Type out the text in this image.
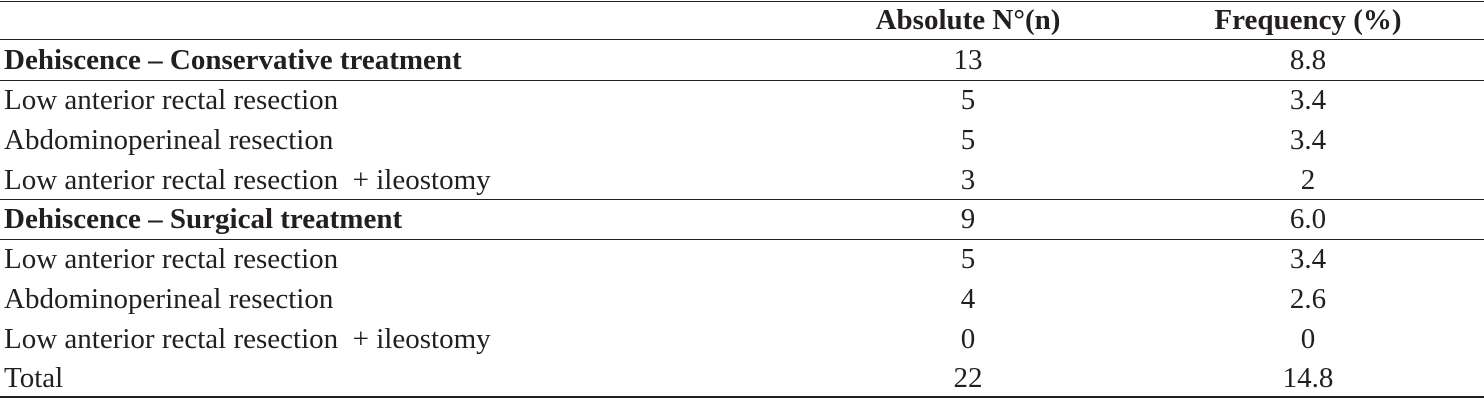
Absolute N°(n)	Frequency (%)
Dehiscence – Conservative treatment	13	8.8
Low anterior rectal resection	5	3.4
Abdominoperineal resection	5	3.4
Low anterior rectal resection  + ileostomy	3	2
Dehiscence – Surgical treatment	9	6.0
Low anterior rectal resection	5	3.4
Abdominoperineal resection	4	2.6
Low anterior rectal resection  + ileostomy	0	0
Total	22	14.8
